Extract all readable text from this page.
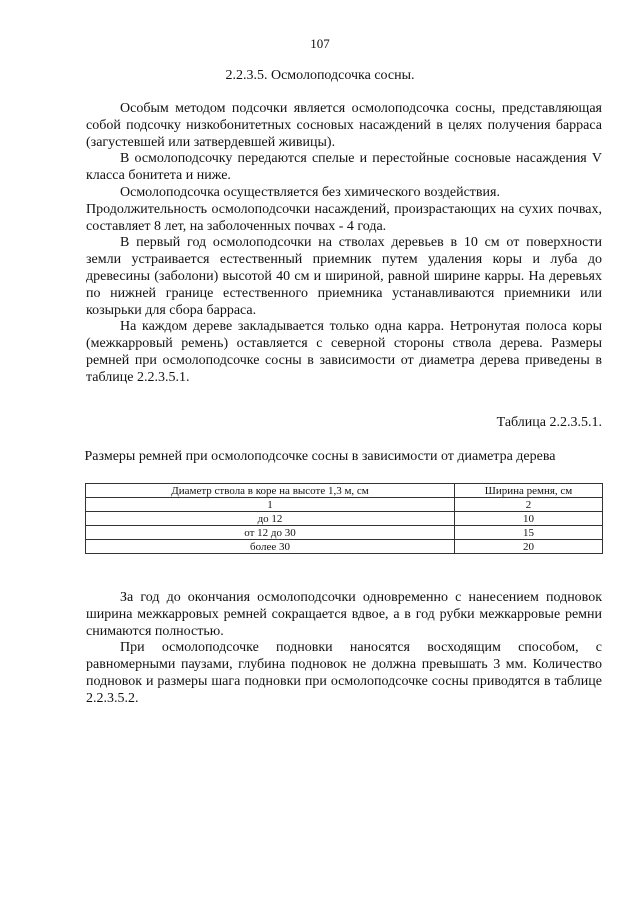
107
2.2.3.5. Осмолоподсочка сосны.

Особым методом подсочки является осмолоподсочка сосны, представляющая собой подсочку низкобонитетных сосновых насаждений в целях получения барраса (загустевшей или затвердевшей живицы).

В осмолоподсочку передаются спелые и перестойные сосновые насаждения V класса бонитета и ниже.

Осмолоподсочка осуществляется без химического воздействия.

Продолжительность осмолоподсочки насаждений, произрастающих на сухих почвах, составляет 8 лет, на заболоченных почвах - 4 года.

В первый год осмолоподсочки на стволах деревьев в 10 см от поверхности земли устраивается естественный приемник путем удаления коры и луба до древесины (заболони) высотой 40 см и шириной, равной ширине карры. На деревьях по нижней границе естественного приемника устанавливаются приемники или козырьки для сбора барраса.

На каждом дереве закладывается только одна карра. Нетронутая полоса коры (межкарровый ремень) оставляется с северной стороны ствола дерева. Размеры ремней при осмолоподсочке сосны в зависимости от диаметра дерева приведены в таблице 2.2.3.5.1.

Таблица 2.2.3.5.1.
Размеры ремней при осмолоподсочке сосны в зависимости от диаметра дерева
Диаметр ствола в коре на высоте 1,3 м, см	Ширина ремня, см
1	2
до 12	10
от 12 до 30	15
более 30	20

За год до окончания осмолоподсочки одновременно с нанесением подновок ширина межкарровых ремней сокращается вдвое, а в год рубки межкарровые ремни снимаются полностью.

При осмолоподсочке подновки наносятся восходящим способом, с равномерными паузами, глубина подновок не должна превышать 3 мм. Количество подновок и размеры шага подновки при осмолоподсочке сосны приводятся в таблице 2.2.3.5.2.
